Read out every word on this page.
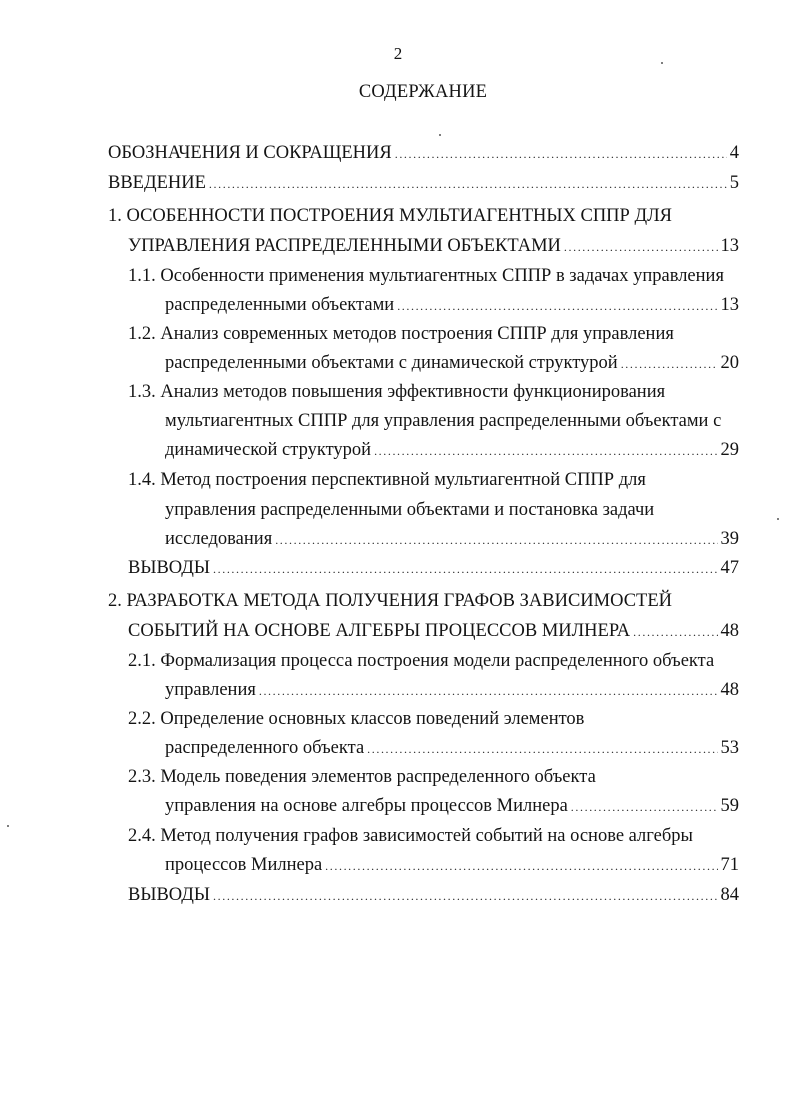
2
СОДЕРЖАНИЕ
ОБОЗНАЧЕНИЯ И СОКРАЩЕНИЯ .....	4
ВВЕДЕНИЕ .....	5
1. ОСОБЕННОСТИ ПОСТРОЕНИЯ МУЛЬТИАГЕНТНЫХ СППР ДЛЯ
УПРАВЛЕНИЯ РАСПРЕДЕЛЕННЫМИ ОБЪЕКТАМИ .....	13
1.1. Особенности применения мультиагентных СППР в задачах управления
распределенными объектами .....	13
1.2. Анализ современных методов построения СППР для управления
распределенными объектами с динамической структурой .....	20
1.3. Анализ методов повышения эффективности функционирования
мультиагентных СППР для управления распределенными объектами с
динамической структурой .....	29
1.4. Метод построения перспективной мультиагентной СППР для
управления распределенными объектами и постановка задачи
исследования .....	39
ВЫВОДЫ .....	47
2. РАЗРАБОТКА МЕТОДА ПОЛУЧЕНИЯ ГРАФОВ ЗАВИСИМОСТЕЙ
СОБЫТИЙ НА ОСНОВЕ АЛГЕБРЫ ПРОЦЕССОВ МИЛНЕРА .....	48
2.1. Формализация процесса построения модели распределенного объекта
управления .....	48
2.2. Определение основных классов поведений элементов
распределенного объекта .....	53
2.3. Модель поведения элементов распределенного объекта
управления на основе алгебры процессов Милнера .....	59
2.4. Метод получения графов зависимостей событий на основе алгебры
процессов Милнера .....	71
ВЫВОДЫ .....	84
